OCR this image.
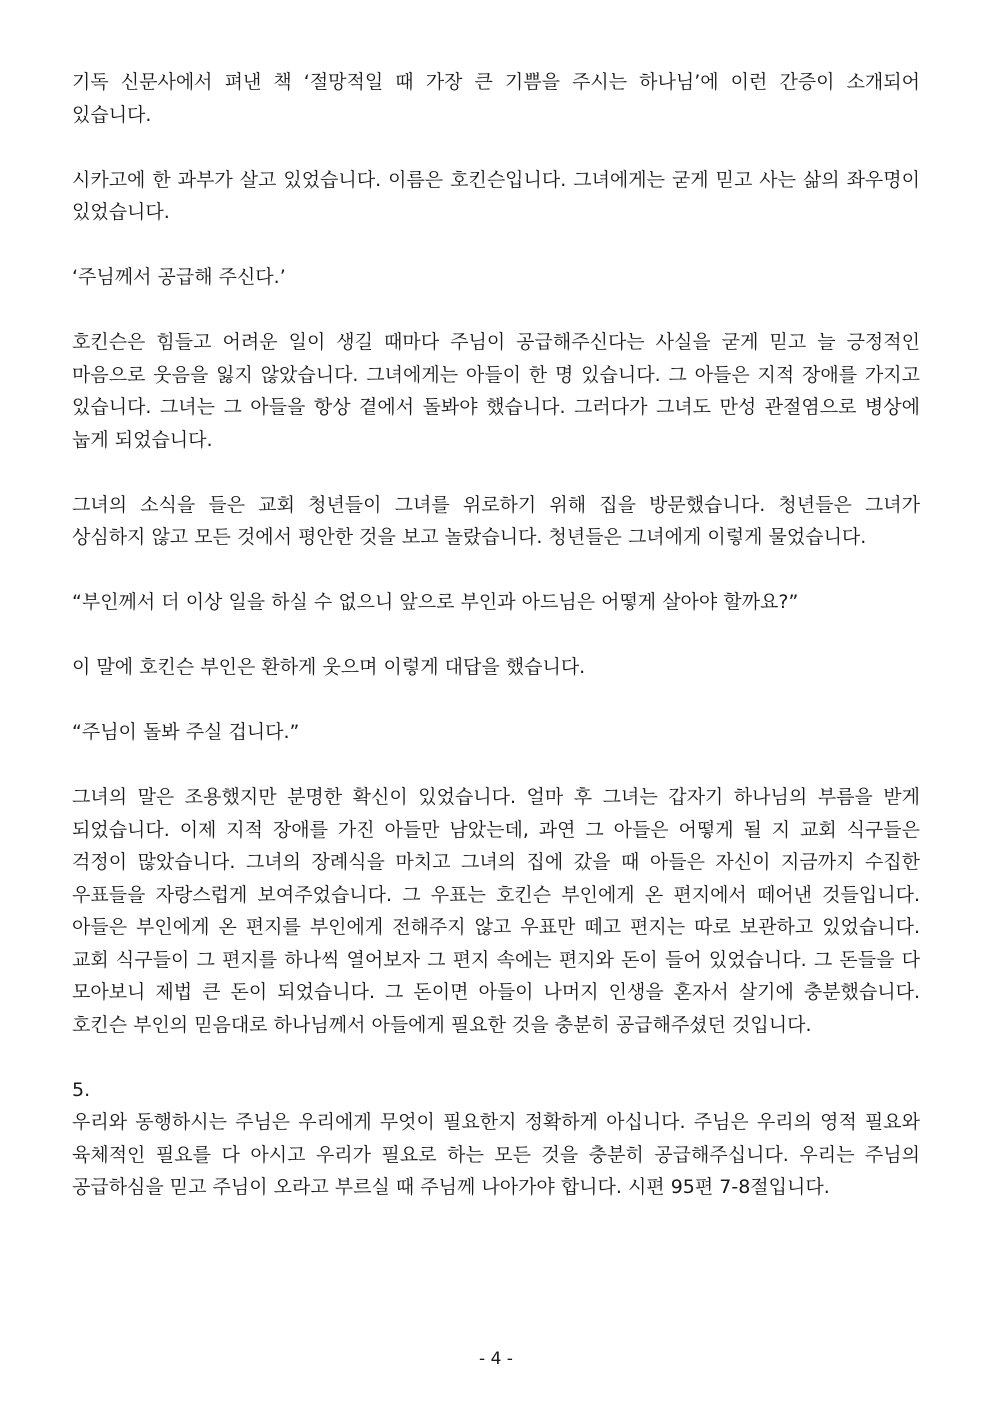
기독 신문사에서 펴낸 책 ‘절망적일 때 가장 큰 기쁨을 주시는 하나님’에 이런 간증이 소개되어 있습니다.

시카고에 한 과부가 살고 있었습니다. 이름은 호킨슨입니다. 그녀에게는 굳게 믿고 사는 삶의 좌우명이 있었습니다.

‘주님께서 공급해 주신다.’

호킨슨은 힘들고 어려운 일이 생길 때마다 주님이 공급해주신다는 사실을 굳게 믿고 늘 긍정적인 마음으로 웃음을 잃지 않았습니다. 그녀에게는 아들이 한 명 있습니다. 그 아들은 지적 장애를 가지고 있습니다. 그녀는 그 아들을 항상 곁에서 돌봐야 했습니다. 그러다가 그녀도 만성 관절염으로 병상에 눕게 되었습니다.

그녀의 소식을 들은 교회 청년들이 그녀를 위로하기 위해 집을 방문했습니다. 청년들은 그녀가 상심하지 않고 모든 것에서 평안한 것을 보고 놀랐습니다. 청년들은 그녀에게 이렇게 물었습니다.

“부인께서 더 이상 일을 하실 수 없으니 앞으로 부인과 아드님은 어떻게 살아야 할까요?”

이 말에 호킨슨 부인은 환하게 웃으며 이렇게 대답을 했습니다.

“주님이 돌봐 주실 겁니다.”

그녀의 말은 조용했지만 분명한 확신이 있었습니다. 얼마 후 그녀는 갑자기 하나님의 부름을 받게 되었습니다. 이제 지적 장애를 가진 아들만 남았는데, 과연 그 아들은 어떻게 될 지 교회 식구들은 걱정이 많았습니다. 그녀의 장례식을 마치고 그녀의 집에 갔을 때 아들은 자신이 지금까지 수집한 우표들을 자랑스럽게 보여주었습니다. 그 우표는 호킨슨 부인에게 온 편지에서 떼어낸 것들입니다. 아들은 부인에게 온 편지를 부인에게 전해주지 않고 우표만 떼고 편지는 따로 보관하고 있었습니다. 교회 식구들이 그 편지를 하나씩 열어보자 그 편지 속에는 편지와 돈이 들어 있었습니다. 그 돈들을 다 모아보니 제법 큰 돈이 되었습니다. 그 돈이면 아들이 나머지 인생을 혼자서 살기에 충분했습니다. 호킨슨 부인의 믿음대로 하나님께서 아들에게 필요한 것을 충분히 공급해주셨던 것입니다.

5.

우리와 동행하시는 주님은 우리에게 무엇이 필요한지 정확하게 아십니다. 주님은 우리의 영적 필요와 육체적인 필요를 다 아시고 우리가 필요로 하는 모든 것을 충분히 공급해주십니다. 우리는 주님의 공급하심을 믿고 주님이 오라고 부르실 때 주님께 나아가야 합니다. 시편 95편 7-8절입니다.

- 4 -
